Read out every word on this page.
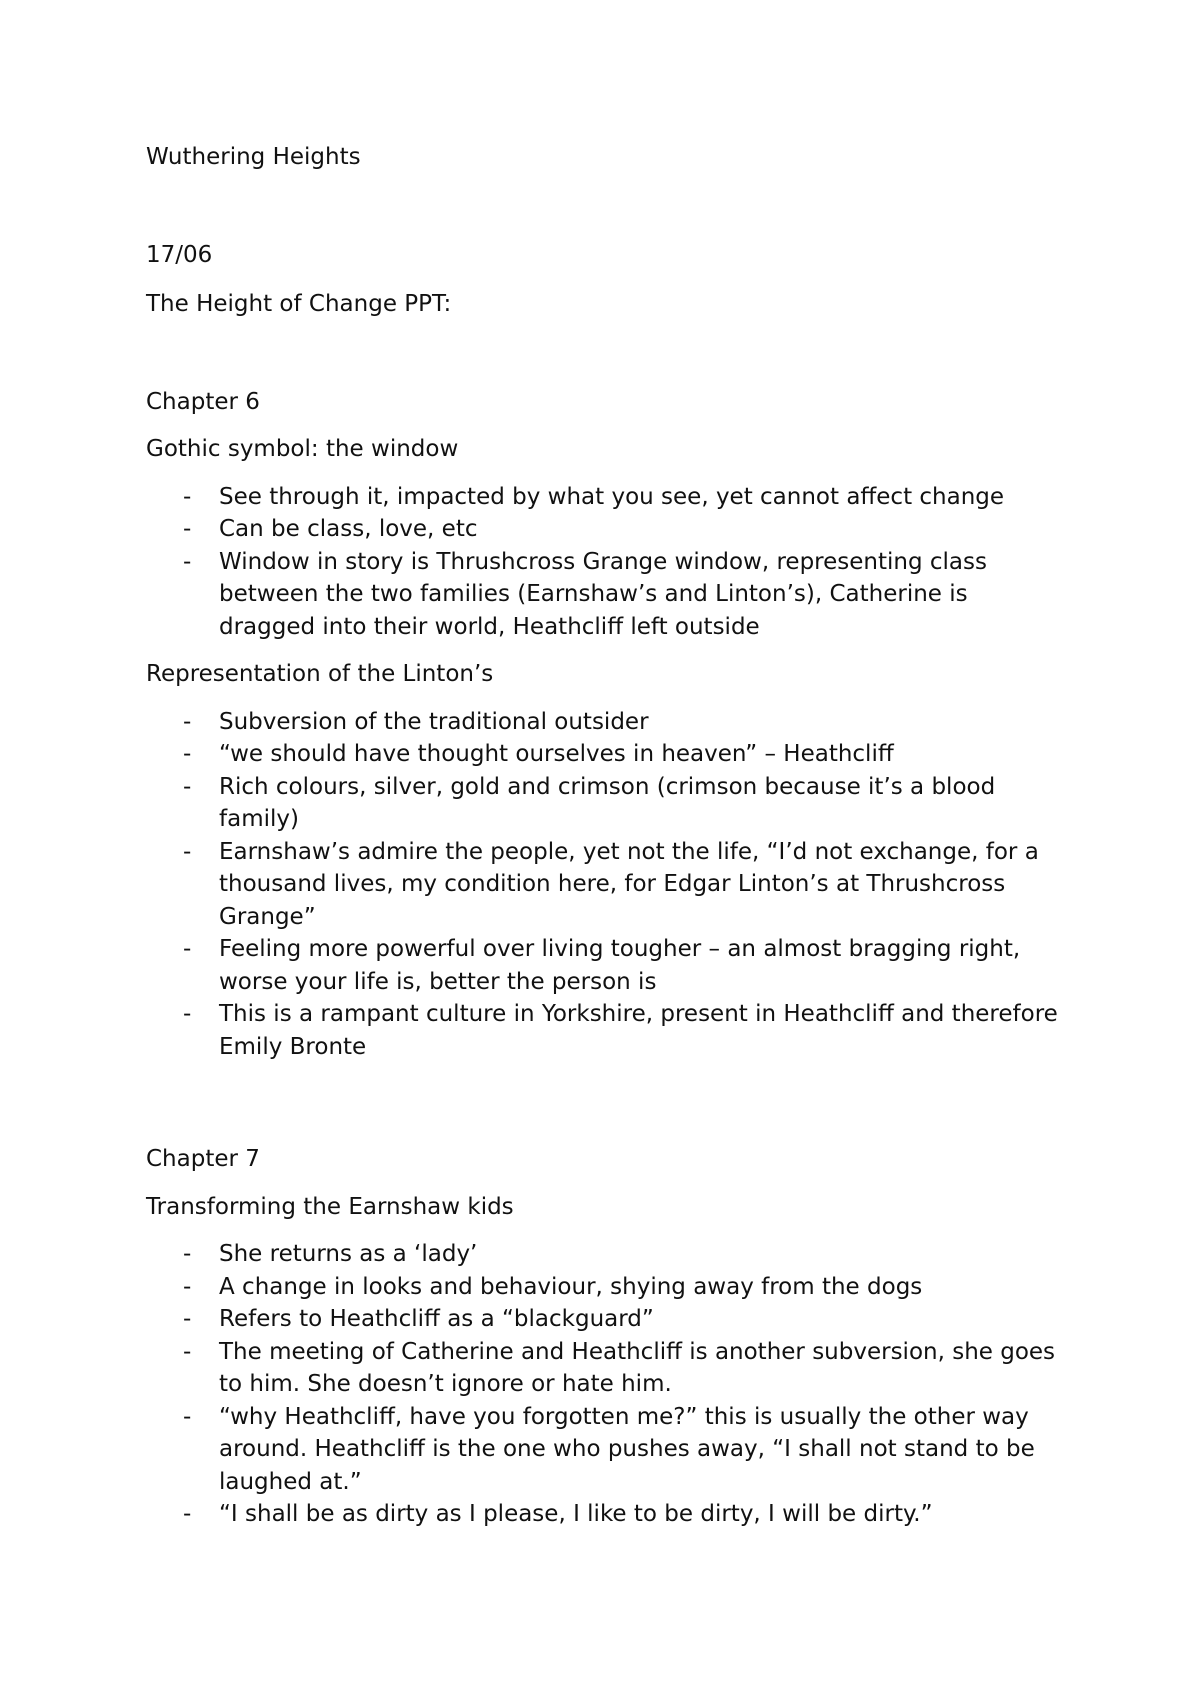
Wuthering Heights
17/06
The Height of Change PPT:
Chapter 6
Gothic symbol: the window
- See through it, impacted by what you see, yet cannot affect change
- Can be class, love, etc
- Window in story is Thrushcross Grange window, representing class between the two families (Earnshaw’s and Linton’s), Catherine is dragged into their world, Heathcliff left outside
Representation of the Linton’s
- Subversion of the traditional outsider
- “we should have thought ourselves in heaven” – Heathcliff
- Rich colours, silver, gold and crimson (crimson because it’s a blood family)
- Earnshaw’s admire the people, yet not the life, “I’d not exchange, for a thousand lives, my condition here, for Edgar Linton’s at Thrushcross Grange”
- Feeling more powerful over living tougher – an almost bragging right, worse your life is, better the person is
- This is a rampant culture in Yorkshire, present in Heathcliff and therefore Emily Bronte
Chapter 7
Transforming the Earnshaw kids
- She returns as a ‘lady’
- A change in looks and behaviour, shying away from the dogs
- Refers to Heathcliff as a “blackguard”
- The meeting of Catherine and Heathcliff is another subversion, she goes to him. She doesn’t ignore or hate him.
- “why Heathcliff, have you forgotten me?” this is usually the other way around. Heathcliff is the one who pushes away, “I shall not stand to be laughed at.”
- “I shall be as dirty as I please, I like to be dirty, I will be dirty.”
